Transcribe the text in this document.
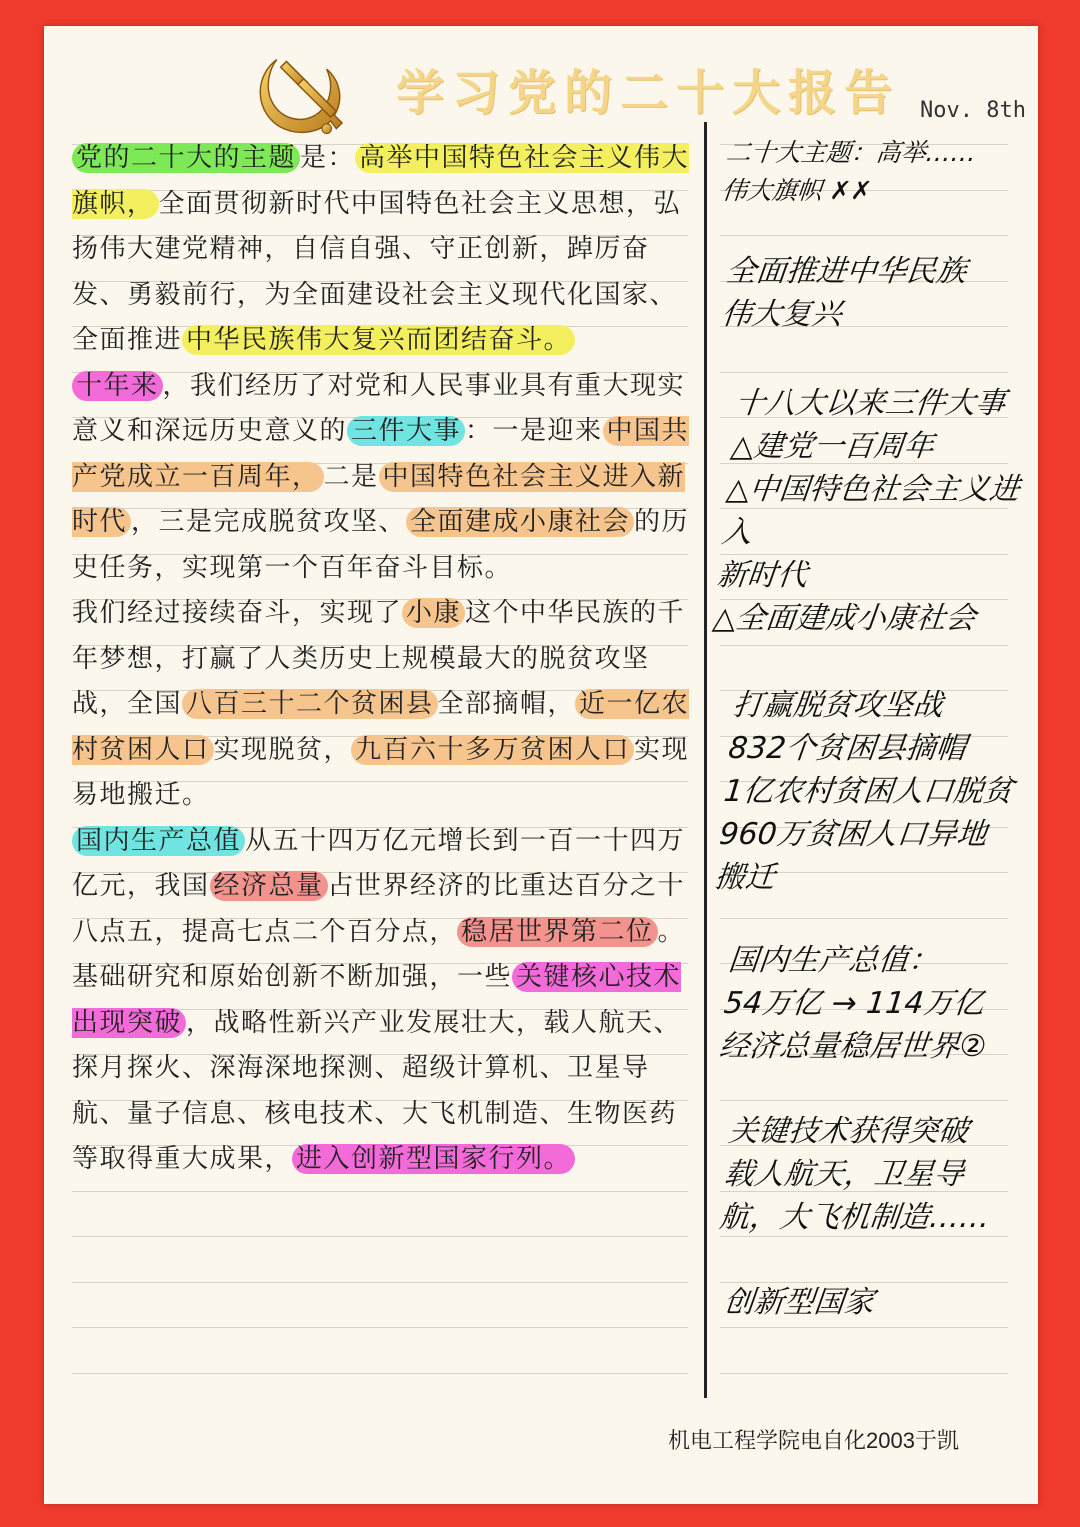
学习党的二十大报告 Nov. 8th

党的二十大的主题 是： 高举中国特色社会主义伟大旗帜， 全面贯彻新时代中国特色社会主义思想，弘扬伟大建党精神，自信自强、守正创新，踔厉奋发、勇毅前行，为全面建设社会主义现代化国家、全面推进 中华民族伟大复兴而团结奋斗。

十年来 ，我们经历了对党和人民事业具有重大现实意义和深远历史意义的 三件大事 ：一是迎来 中国共产党成立一百周年， 二是 中国特色社会主义进入新时代 ，三是完成脱贫攻坚、 全面建成小康社会 的历史任务，实现第一个百年奋斗目标。

我们经过接续奋斗，实现了 小康 这个中华民族的千年梦想，打赢了人类历史上规模最大的脱贫攻坚战，全国 八百三十二个贫困县 全部摘帽， 近一亿农村贫困人口 实现脱贫， 九百六十多万贫困人口 实现易地搬迁。

国内生产总值 从五十四万亿元增长到一百一十四万亿元，我国 经济总量 占世界经济的比重达百分之十八点五，提高七点二个百分点， 稳居世界第二位 。

基础研究和原始创新不断加强，一些 关键核心技术出现突破 ，战略性新兴产业发展壮大，载人航天、探月探火、深海深地探测、超级计算机、卫星导航、量子信息、核电技术、大飞机制造、生物医药等取得重大成果， 进入创新型国家行列。

二十大主题：高举……
伟大旗帜 ✗✗

全面推进中华民族
伟大复兴

十八大以来三件大事
△建党一百周年
△中国特色社会主义进入
新时代
△全面建成小康社会

打赢脱贫攻坚战
832个贫困县摘帽
1亿农村贫困人口脱贫
960万贫困人口异地
搬迁

国内生产总值：
54万亿 → 114万亿
经济总量稳居世界②

关键技术获得突破
载人航天，卫星导
航，大飞机制造……

创新型国家

机电工程学院电自化2003于凯
